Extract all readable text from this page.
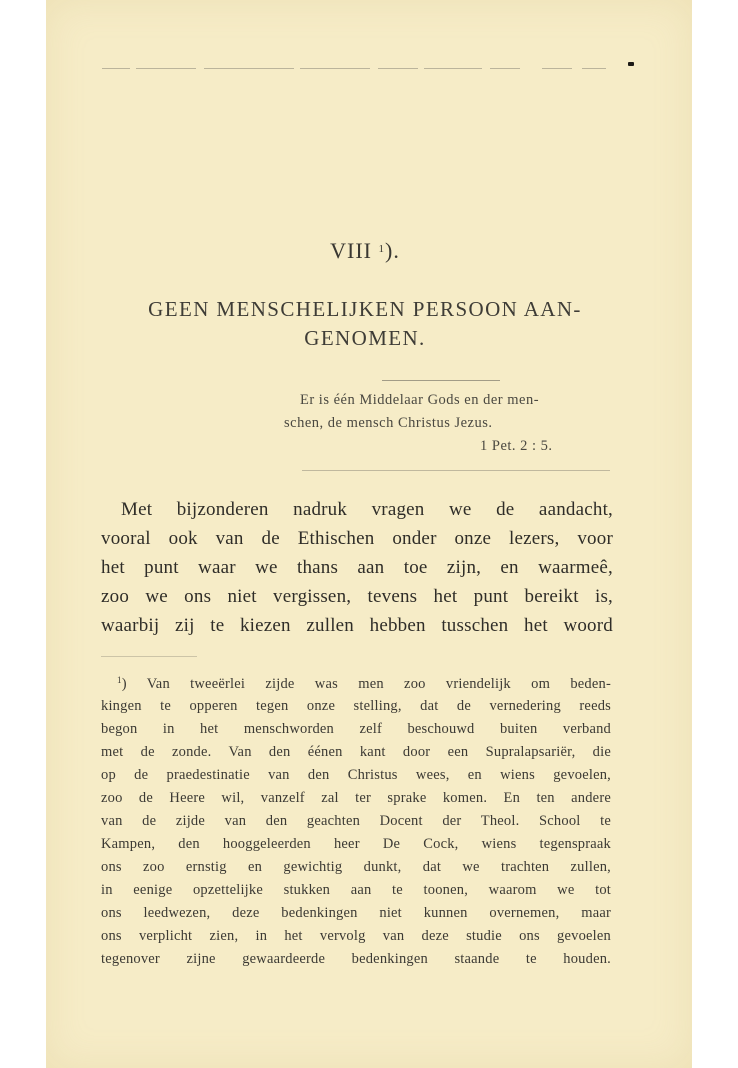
VIII $^1$).
GEEN MENSCHELIJKEN PERSOON AAN-
GENOMEN.
Er is één Middelaar Gods en der men-
schen, de mensch Christus Jezus.
1 Pet. 2 : 5.
Met bijzonderen nadruk vragen we de aandacht,
vooral ook van de Ethischen onder onze lezers, voor
het punt waar we thans aan toe zijn, en waarmeê,
zoo we ons niet vergissen, tevens het punt bereikt is,
waarbij zij te kiezen zullen hebben tusschen het woord
$^1$) Van tweeërlei zijde was men zoo vriendelijk om beden-
kingen te opperen tegen onze stelling, dat de vernedering reeds
begon in het menschworden zelf beschouwd buiten verband
met de zonde. Van den éénen kant door een Supralapsariër, die
op de praedestinatie van den Christus wees, en wiens gevoelen,
zoo de Heere wil, vanzelf zal ter sprake komen. En ten andere
van de zijde van den geachten Docent der Theol. School te
Kampen, den hooggeleerden heer De Cock, wiens tegenspraak
ons zoo ernstig en gewichtig dunkt, dat we trachten zullen,
in eenige opzettelijke stukken aan te toonen, waarom we tot
ons leedwezen, deze bedenkingen niet kunnen overnemen, maar
ons verplicht zien, in het vervolg van deze studie ons gevoelen
tegenover zijne gewaardeerde bedenkingen staande te houden.
